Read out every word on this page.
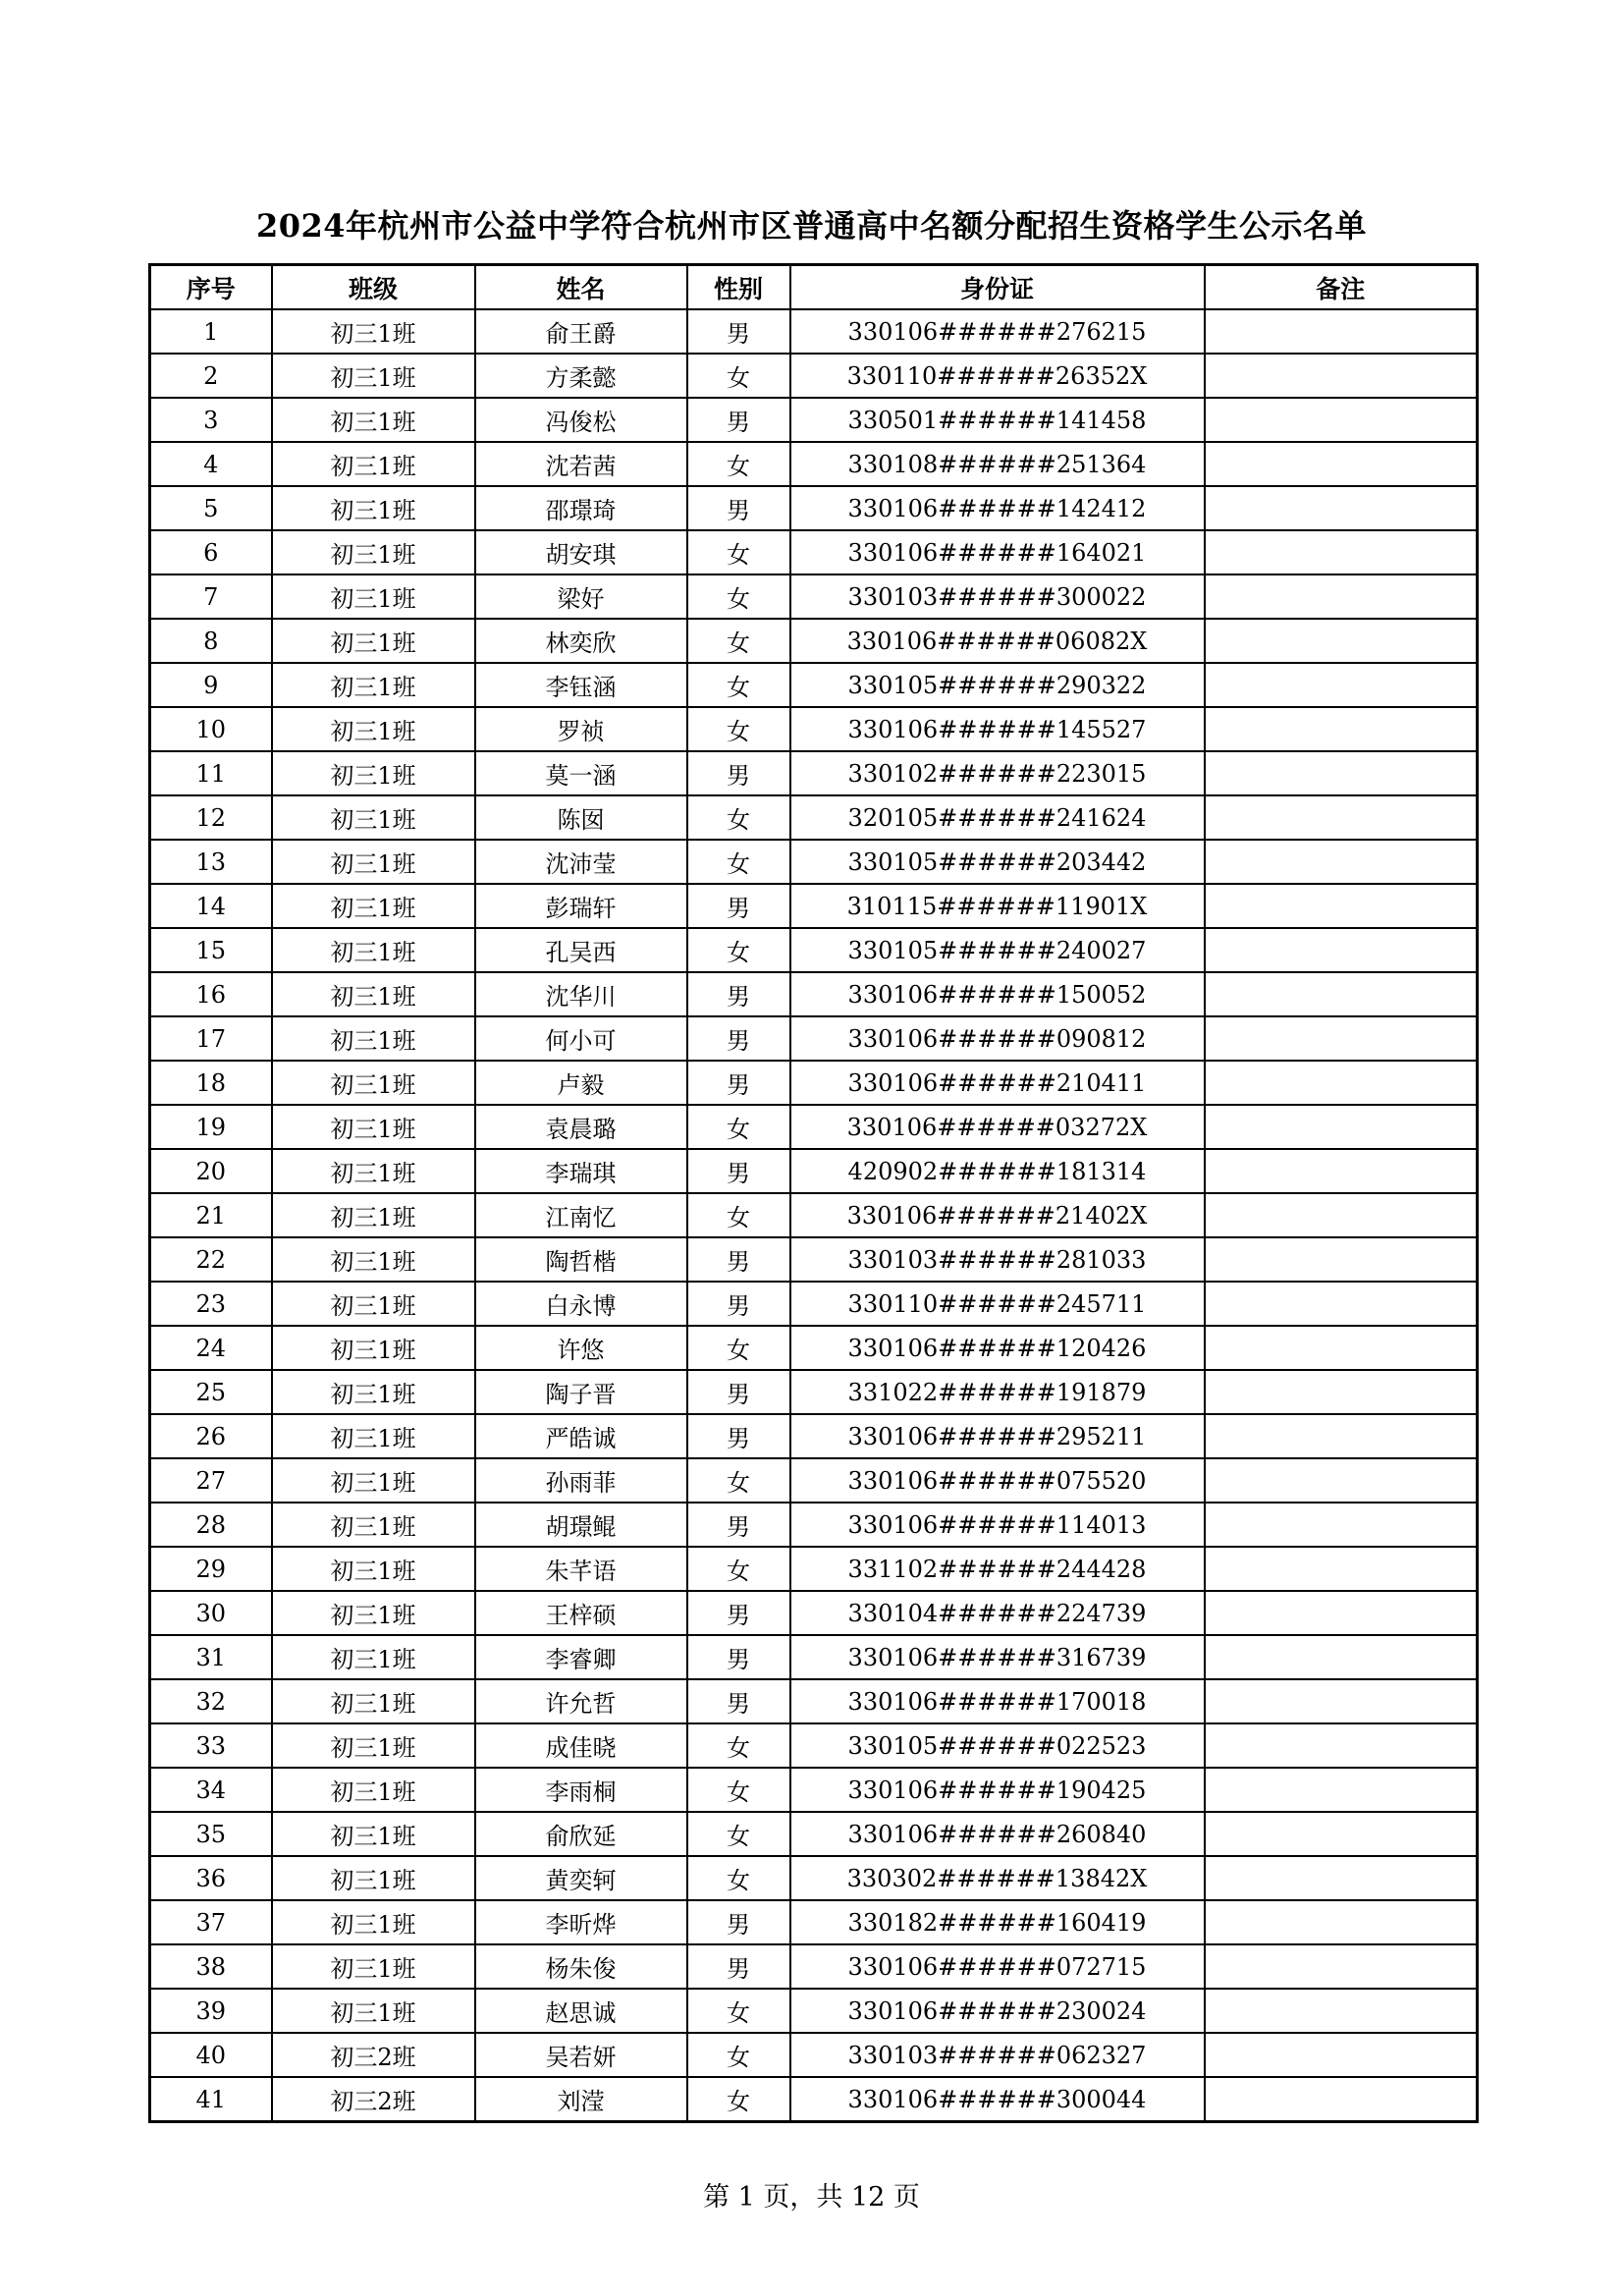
2024年杭州市公益中学符合杭州市区普通高中名额分配招生资格学生公示名单
序号	班级	姓名	性别	身份证	备注
1	初三1班	俞王爵	男	330106######276215	
2	初三1班	方柔懿	女	330110######26352X	
3	初三1班	冯俊松	男	330501######141458	
4	初三1班	沈若茜	女	330108######251364	
5	初三1班	邵璟琦	男	330106######142412	
6	初三1班	胡安琪	女	330106######164021	
7	初三1班	梁好	女	330103######300022	
8	初三1班	林奕欣	女	330106######06082X	
9	初三1班	李钰涵	女	330105######290322	
10	初三1班	罗祯	女	330106######145527	
11	初三1班	莫一涵	男	330102######223015	
12	初三1班	陈囡	女	320105######241624	
13	初三1班	沈沛莹	女	330105######203442	
14	初三1班	彭瑞轩	男	310115######11901X	
15	初三1班	孔吴西	女	330105######240027	
16	初三1班	沈华川	男	330106######150052	
17	初三1班	何小可	男	330106######090812	
18	初三1班	卢毅	男	330106######210411	
19	初三1班	袁晨璐	女	330106######03272X	
20	初三1班	李瑞琪	男	420902######181314	
21	初三1班	江南忆	女	330106######21402X	
22	初三1班	陶哲楷	男	330103######281033	
23	初三1班	白永博	男	330110######245711	
24	初三1班	许悠	女	330106######120426	
25	初三1班	陶子晋	男	331022######191879	
26	初三1班	严皓诚	男	330106######295211	
27	初三1班	孙雨菲	女	330106######075520	
28	初三1班	胡璟鲲	男	330106######114013	
29	初三1班	朱芊语	女	331102######244428	
30	初三1班	王梓硕	男	330104######224739	
31	初三1班	李睿卿	男	330106######316739	
32	初三1班	许允哲	男	330106######170018	
33	初三1班	成佳晓	女	330105######022523	
34	初三1班	李雨桐	女	330106######190425	
35	初三1班	俞欣延	女	330106######260840	
36	初三1班	黄奕轲	女	330302######13842X	
37	初三1班	李昕烨	男	330182######160419	
38	初三1班	杨朱俊	男	330106######072715	
39	初三1班	赵思诚	女	330106######230024	
40	初三2班	吴若妍	女	330103######062327	
41	初三2班	刘滢	女	330106######300044	
第 1 页，共 12 页
